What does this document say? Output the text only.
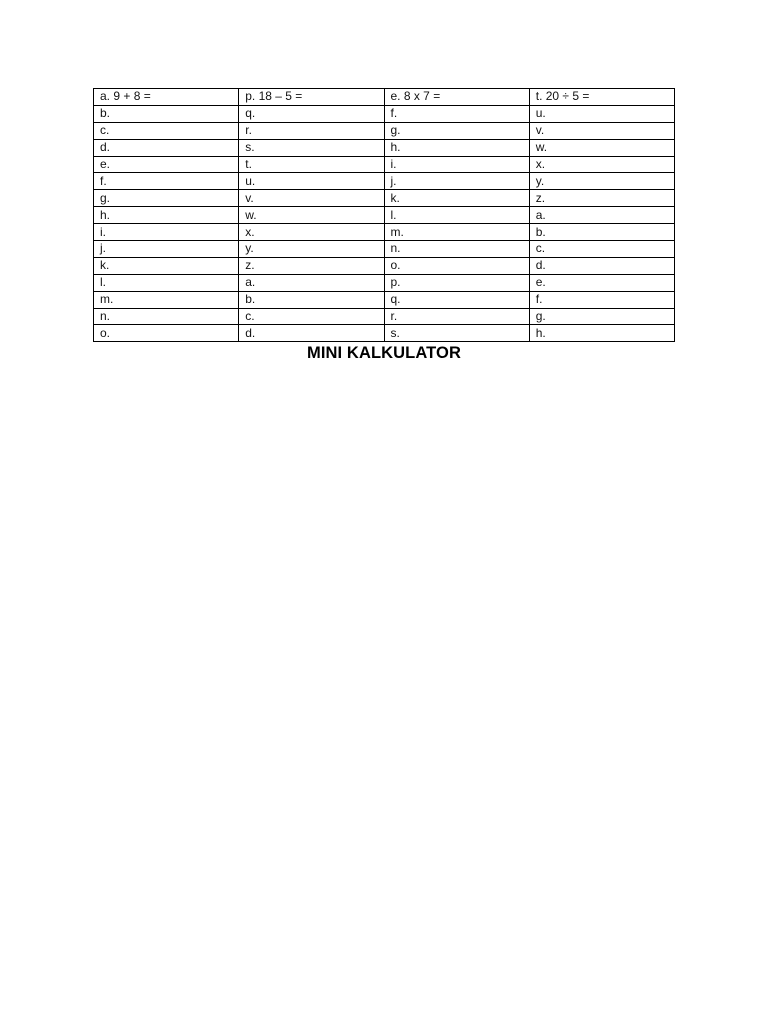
a. 9 + 8 =	p. 18 – 5 =	e. 8 x 7 =	t. 20 ÷ 5 =
b.	q.	f.	u.
c.	r.	g.	v.
d.	s.	h.	w.
e.	t.	i.	x.
f.	u.	j.	y.
g.	v.	k.	z.
h.	w.	l.	a.
i.	x.	m.	b.
j.	y.	n.	c.
k.	z.	o.	d.
l.	a.	p.	e.
m.	b.	q.	f.
n.	c.	r.	g.
o.	d.	s.	h.
MINI KALKULATOR
